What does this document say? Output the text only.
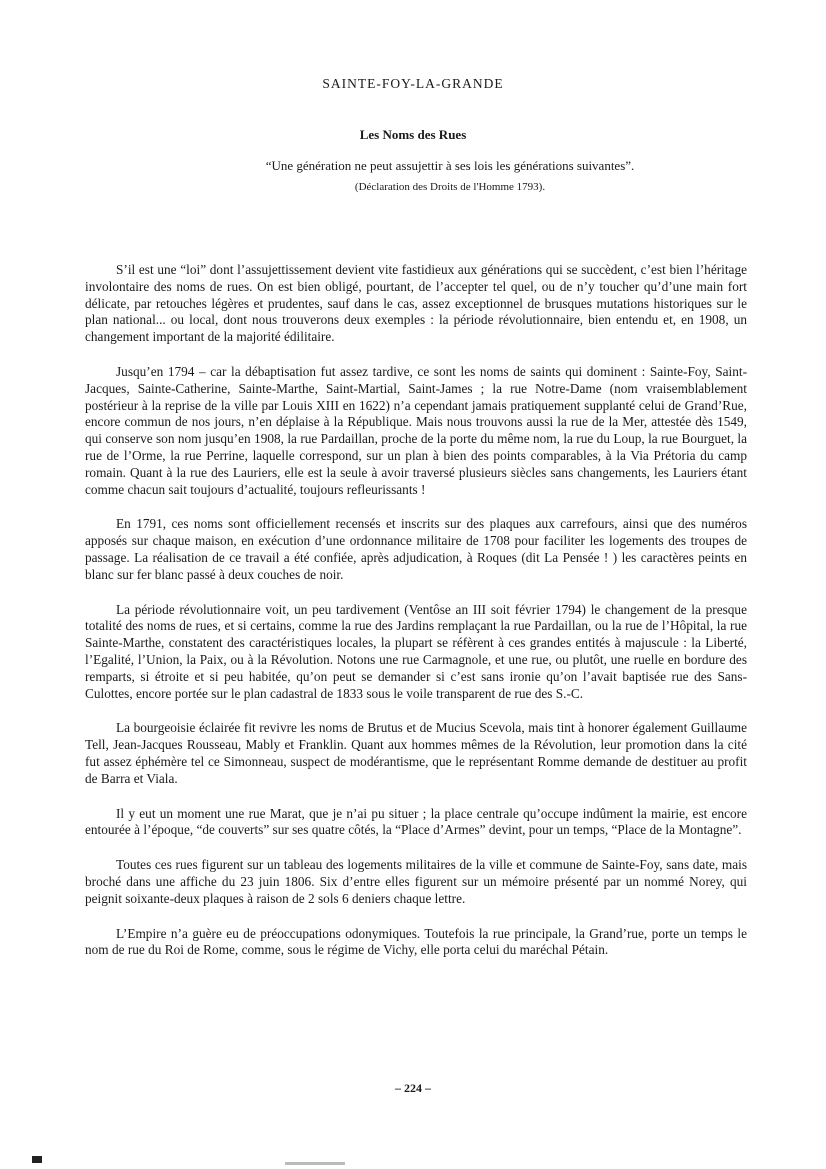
SAINTE-FOY-LA-GRANDE
Les Noms des Rues
“Une génération ne peut assujettir à ses lois les générations suivantes”.
(Déclaration des Droits de l'Homme 1793).

S’il est une “loi” dont l’assujettissement devient vite fastidieux aux générations qui se succèdent, c’est bien l’héritage involontaire des noms de rues. On est bien obligé, pourtant, de l’accepter tel quel, ou de n’y toucher qu’d’une main fort délicate, par retouches légères et prudentes, sauf dans le cas, assez exceptionnel de brusques mutations historiques sur le plan national... ou local, dont nous trouverons deux exemples : la période révolutionnaire, bien entendu et, en 1908, un changement important de la majorité édilitaire.

Jusqu’en 1794 – car la débaptisation fut assez tardive, ce sont les noms de saints qui dominent : Sainte-Foy, Saint-Jacques, Sainte-Catherine, Sainte-Marthe, Saint-Martial, Saint-James ; la rue Notre-Dame (nom vraisemblablement postérieur à la reprise de la ville par Louis XIII en 1622) n’a cependant jamais pratiquement supplanté celui de Grand’Rue, encore commun de nos jours, n’en déplaise à la République. Mais nous trouvons aussi la rue de la Mer, attestée dès 1549, qui conserve son nom jusqu’en 1908, la rue Pardaillan, proche de la porte du même nom, la rue du Loup, la rue Bourguet, la rue de l’Orme, la rue Perrine, laquelle correspond, sur un plan à bien des points comparables, à la Via Prétoria du camp romain. Quant à la rue des Lauriers, elle est la seule à avoir traversé plusieurs siècles sans changements, les Lauriers étant comme chacun sait toujours d’actualité, toujours refleurissants !

En 1791, ces noms sont officiellement recensés et inscrits sur des plaques aux carrefours, ainsi que des numéros apposés sur chaque maison, en exécution d’une ordonnance militaire de 1708 pour faciliter les logements des troupes de passage. La réalisation de ce travail a été confiée, après adjudication, à Roques (dit La Pensée ! ) les caractères peints en blanc sur fer blanc passé à deux couches de noir.

La période révolutionnaire voit, un peu tardivement (Ventôse an III soit février 1794) le changement de la presque totalité des noms de rues, et si certains, comme la rue des Jardins remplaçant la rue Pardaillan, ou la rue de l’Hôpital, la rue Sainte-Marthe, constatent des caractéristiques locales, la plupart se réfèrent à ces grandes entités à majuscule : la Liberté, l’Egalité, l’Union, la Paix, ou à la Révolution. Notons une rue Carmagnole, et une rue, ou plutôt, une ruelle en bordure des remparts, si étroite et si peu habitée, qu’on peut se demander si c’est sans ironie qu’on l’avait baptisée rue des Sans-Culottes, encore portée sur le plan cadastral de 1833 sous le voile transparent de rue des S.-C.

La bourgeoisie éclairée fit revivre les noms de Brutus et de Mucius Scevola, mais tint à honorer également Guillaume Tell, Jean-Jacques Rousseau, Mably et Franklin. Quant aux hommes mêmes de la Révolution, leur promotion dans la cité fut assez éphémère tel ce Simonneau, suspect de modérantisme, que le représentant Romme demande de destituer au profit de Barra et Viala.

Il y eut un moment une rue Marat, que je n’ai pu situer ; la place centrale qu’occupe indûment la mairie, est encore entourée à l’époque, “de couverts” sur ses quatre côtés, la “Place d’Armes” devint, pour un temps, “Place de la Montagne”.

Toutes ces rues figurent sur un tableau des logements militaires de la ville et commune de Sainte-Foy, sans date, mais broché dans une affiche du 23 juin 1806. Six d’entre elles figurent sur un mémoire présenté par un nommé Norey, qui peignit soixante-deux plaques à raison de 2 sols 6 deniers chaque lettre.

L’Empire n’a guère eu de préoccupations odonymiques. Toutefois la rue principale, la Grand’rue, porte un temps le nom de rue du Roi de Rome, comme, sous le régime de Vichy, elle porta celui du maréchal Pétain.

– 224 –
